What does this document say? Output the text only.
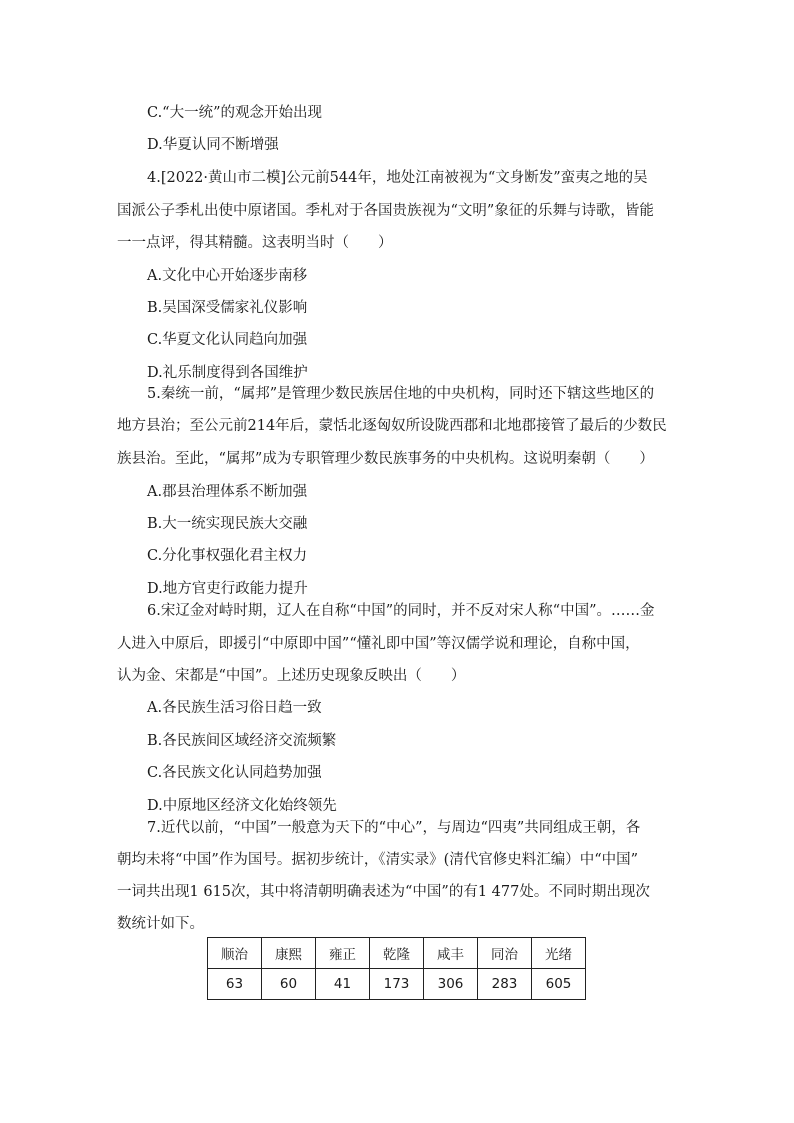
C.“大一统”的观念开始出现
D.华夏认同不断增强
4.[2022·黄山市二模]公元前544年，地处江南被视为“文身断发”蛮夷之地的吴
国派公子季札出使中原诸国。季札对于各国贵族视为“文明”象征的乐舞与诗歌，皆能
一一点评，得其精髓。这表明当时（　　）
A.文化中心开始逐步南移
B.吴国深受儒家礼仪影响
C.华夏文化认同趋向加强
D.礼乐制度得到各国维护
5.秦统一前，“属邦”是管理少数民族居住地的中央机构，同时还下辖这些地区的
地方县治；至公元前214年后，蒙恬北逐匈奴所设陇西郡和北地郡接管了最后的少数民
族县治。至此，“属邦”成为专职管理少数民族事务的中央机构。这说明秦朝（　　）
A.郡县治理体系不断加强
B.大一统实现民族大交融
C.分化事权强化君主权力
D.地方官吏行政能力提升
6.宋辽金对峙时期，辽人在自称“中国”的同时，并不反对宋人称“中国”。……金
人进入中原后，即援引“中原即中国”“懂礼即中国”等汉儒学说和理论，自称中国，
认为金、宋都是“中国”。上述历史现象反映出（　　）
A.各民族生活习俗日趋一致
B.各民族间区域经济交流频繁
C.各民族文化认同趋势加强
D.中原地区经济文化始终领先
7.近代以前，“中国”一般意为天下的“中心”，与周边“四夷”共同组成王朝，各
朝均未将“中国”作为国号。据初步统计，《清实录》(清代官修史料汇编）中“中国”
一词共出现1 615次，其中将清朝明确表述为“中国”的有1 477处。不同时期出现次
数统计如下。
顺治	康熙	雍正	乾隆	咸丰	同治	光绪
63	60	41	173	306	283	605
